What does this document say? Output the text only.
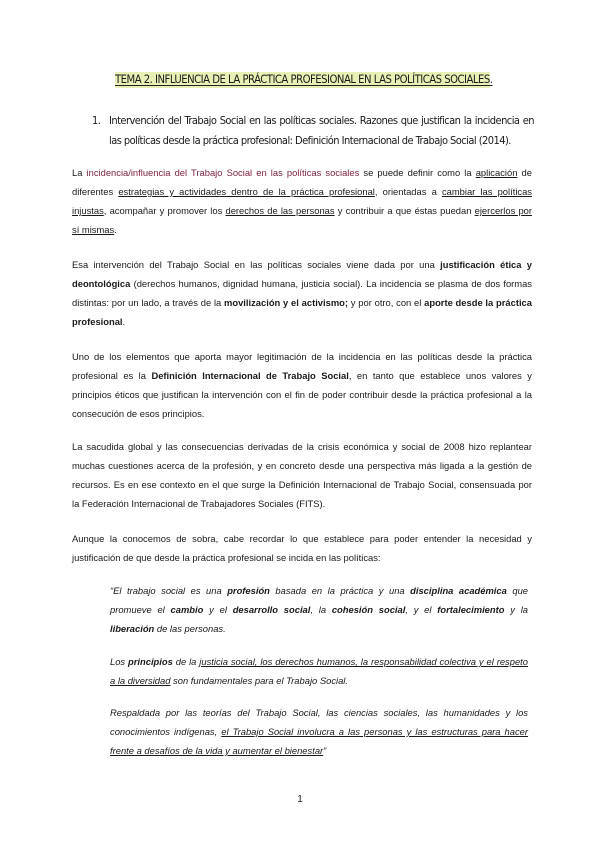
TEMA 2. INFLUENCIA DE LA PRÁCTICA PROFESIONAL EN LAS POLÍTICAS SOCIALES.
1. Intervención del Trabajo Social en las políticas sociales. Razones que justifican la incidencia en las políticas desde la práctica profesional: Definición Internacional de Trabajo Social (2014).
La incidencia/influencia del Trabajo Social en las políticas sociales se puede definir como la aplicación de diferentes estrategias y actividades dentro de la práctica profesional, orientadas a cambiar las políticas injustas, acompañar y promover los derechos de las personas y contribuir a que éstas puedan ejercerlos por sí mismas.
Esa intervención del Trabajo Social en las políticas sociales viene dada por una justificación ética y deontológica (derechos humanos, dignidad humana, justicia social). La incidencia se plasma de dos formas distintas: por un lado, a través de la movilización y el activismo; y por otro, con el aporte desde la práctica profesional.
Uno de los elementos que aporta mayor legitimación de la incidencia en las políticas desde la práctica profesional es la Definición Internacional de Trabajo Social, en tanto que establece unos valores y principios éticos que justifican la intervención con el fin de poder contribuir desde la práctica profesional a la consecución de esos principios.
La sacudida global y las consecuencias derivadas de la crisis económica y social de 2008 hizo replantear muchas cuestiones acerca de la profesión, y en concreto desde una perspectiva más ligada a la gestión de recursos. Es en ese contexto en el que surge la Definición Internacional de Trabajo Social, consensuada por la Federación Internacional de Trabajadores Sociales (FITS).
Aunque la conocemos de sobra, cabe recordar lo que establece para poder entender la necesidad y justificación de que desde la práctica profesional se incida en las políticas:
“El trabajo social es una profesión basada en la práctica y una disciplina académica que promueve el cambio y el desarrollo social, la cohesión social, y el fortalecimiento y la liberación de las personas.
Los principios de la justicia social, los derechos humanos, la responsabilidad colectiva y el respeto a la diversidad son fundamentales para el Trabajo Social.
Respaldada por las teorías del Trabajo Social, las ciencias sociales, las humanidades y los conocimientos indígenas, el Trabajo Social involucra a las personas y las estructuras para hacer frente a desafíos de la vida y aumentar el bienestar”
1
